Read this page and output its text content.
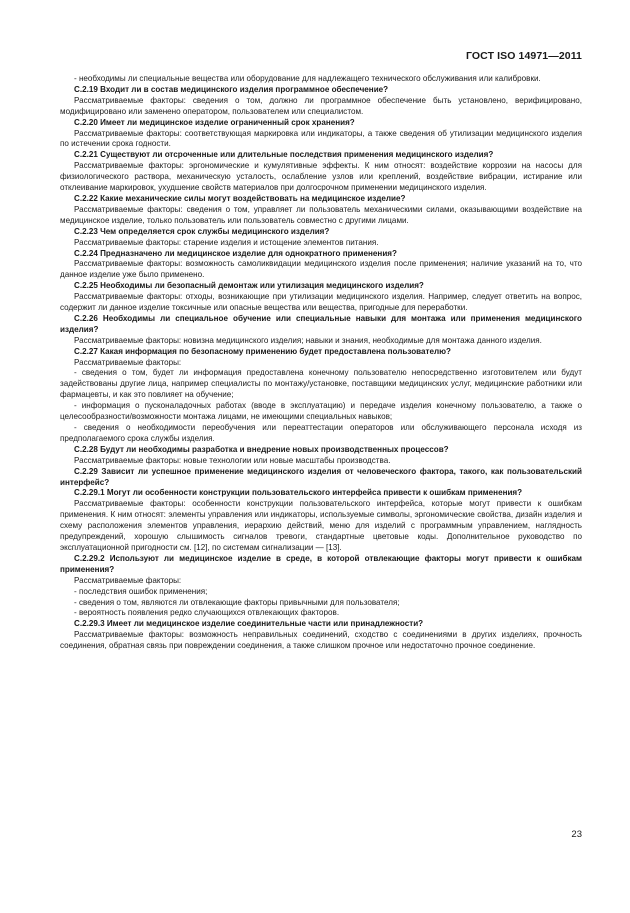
ГОСТ ISO 14971—2011

- необходимы ли специальные вещества или оборудование для надлежащего технического обслуживания или калибровки.

С.2.19 Входит ли в состав медицинского изделия программное обеспечение?

Рассматриваемые факторы: сведения о том, должно ли программное обеспечение быть установлено, верифицировано, модифицировано или заменено оператором, пользователем или специалистом.

С.2.20 Имеет ли медицинское изделие ограниченный срок хранения?

Рассматриваемые факторы: соответствующая маркировка или индикаторы, а также сведения об утилизации медицинского изделия по истечении срока годности.

С.2.21 Существуют ли отсроченные или длительные последствия применения медицинского изделия?

Рассматриваемые факторы: эргономические и кумулятивные эффекты. К ним относят: воздействие коррозии на насосы для физиологического раствора, механическую усталость, ослабление узлов или креплений, воздействие вибрации, истирание или отклеивание маркировок, ухудшение свойств материалов при долгосрочном применении медицинского изделия.

С.2.22 Какие механические силы могут воздействовать на медицинское изделие?

Рассматриваемые факторы: сведения о том, управляет ли пользователь механическими силами, оказывающими воздействие на медицинское изделие, только пользователь или пользователь совместно с другими лицами.

С.2.23 Чем определяется срок службы медицинского изделия?

Рассматриваемые факторы: старение изделия и истощение элементов питания.

С.2.24 Предназначено ли медицинское изделие для однократного применения?

Рассматриваемые факторы: возможность самоликвидации медицинского изделия после применения; наличие указаний на то, что данное изделие уже было применено.

С.2.25 Необходимы ли безопасный демонтаж или утилизация медицинского изделия?

Рассматриваемые факторы: отходы, возникающие при утилизации медицинского изделия. Например, следует ответить на вопрос, содержит ли данное изделие токсичные или опасные вещества или вещества, пригодные для переработки.

С.2.26 Необходимы ли специальное обучение или специальные навыки для монтажа или применения медицинского изделия?

Рассматриваемые факторы: новизна медицинского изделия; навыки и знания, необходимые для монтажа данного изделия.

С.2.27 Какая информация по безопасному применению будет предоставлена пользователю?

Рассматриваемые факторы:

- сведения о том, будет ли информация предоставлена конечному пользователю непосредственно изготовителем или будут задействованы другие лица, например специалисты по монтажу/установке, поставщики медицинских услуг, медицинские работники или фармацевты, и как это повлияет на обучение;

- информация о пусконаладочных работах (вводе в эксплуатацию) и передаче изделия конечному пользователю, а также о целесообразности/возможности монтажа лицами, не имеющими специальных навыков;

- сведения о необходимости переобучения или переаттестации операторов или обслуживающего персонала исходя из предполагаемого срока службы изделия.

С.2.28 Будут ли необходимы разработка и внедрение новых производственных процессов?

Рассматриваемые факторы: новые технологии или новые масштабы производства.

С.2.29 Зависит ли успешное применение медицинского изделия от человеческого фактора, такого, как пользовательский интерфейс?

С.2.29.1 Могут ли особенности конструкции пользовательского интерфейса привести к ошибкам применения?

Рассматриваемые факторы: особенности конструкции пользовательского интерфейса, которые могут привести к ошибкам применения. К ним относят: элементы управления или индикаторы, используемые символы, эргономические свойства, дизайн изделия и схему расположения элементов управления, иерархию действий, меню для изделий с программным управлением, наглядность предупреждений, хорошую слышимость сигналов тревоги, стандартные цветовые коды. Дополнительное руководство по эксплуатационной пригодности см. [12], по системам сигнализации — [13].

С.2.29.2 Используют ли медицинское изделие в среде, в которой отвлекающие факторы могут привести к ошибкам применения?

Рассматриваемые факторы:

- последствия ошибок применения;

- сведения о том, являются ли отвлекающие факторы привычными для пользователя;

- вероятность появления редко случающихся отвлекающих факторов.

С.2.29.3 Имеет ли медицинское изделие соединительные части или принадлежности?

Рассматриваемые факторы: возможность неправильных соединений, сходство с соединениями в других изделиях, прочность соединения, обратная связь при повреждении соединения, а также слишком прочное или недостаточно прочное соединение.

23
